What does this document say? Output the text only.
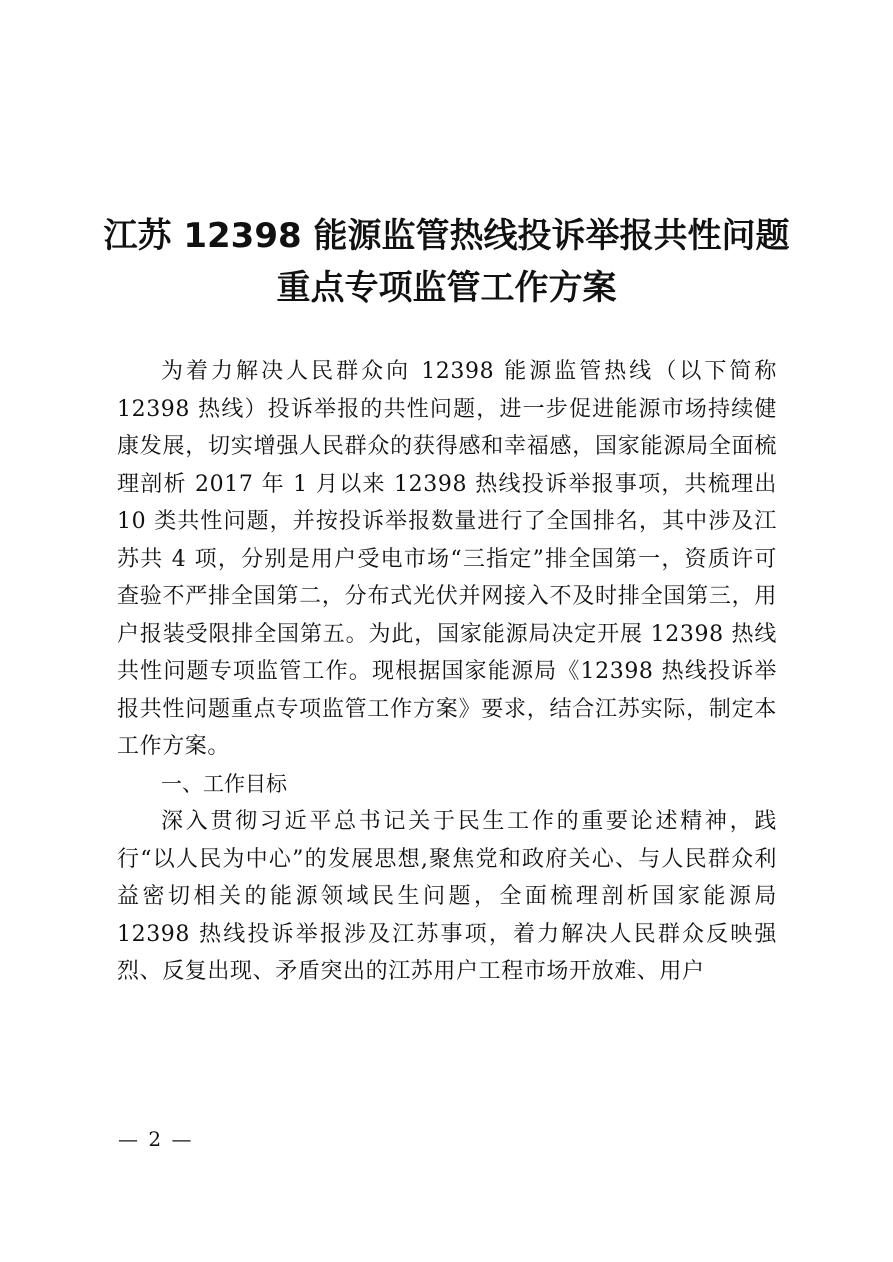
江苏 12398 能源监管热线投诉举报共性问题
重点专项监管工作方案

为着力解决人民群众向 12398 能源监管热线（以下简称12398 热线）投诉举报的共性问题，进一步促进能源市场持续健康发展，切实增强人民群众的获得感和幸福感，国家能源局全面梳理剖析 2017 年 1 月以来 12398 热线投诉举报事项，共梳理出 10 类共性问题，并按投诉举报数量进行了全国排名，其中涉及江苏共 4 项，分别是用户受电市场“三指定”排全国第一，资质许可查验不严排全国第二，分布式光伏并网接入不及时排全国第三，用户报装受限排全国第五。为此，国家能源局决定开展 12398 热线共性问题专项监管工作。现根据国家能源局《12398 热线投诉举报共性问题重点专项监管工作方案》要求，结合江苏实际，制定本工作方案。

一、工作目标

深入贯彻习近平总书记关于民生工作的重要论述精神，践行“以人民为中心”的发展思想,聚焦党和政府关心、与人民群众利益密切相关的能源领域民生问题，全面梳理剖析国家能源局 12398 热线投诉举报涉及江苏事项，着力解决人民群众反映强烈、反复出现、矛盾突出的江苏用户工程市场开放难、用户

— 2 —
